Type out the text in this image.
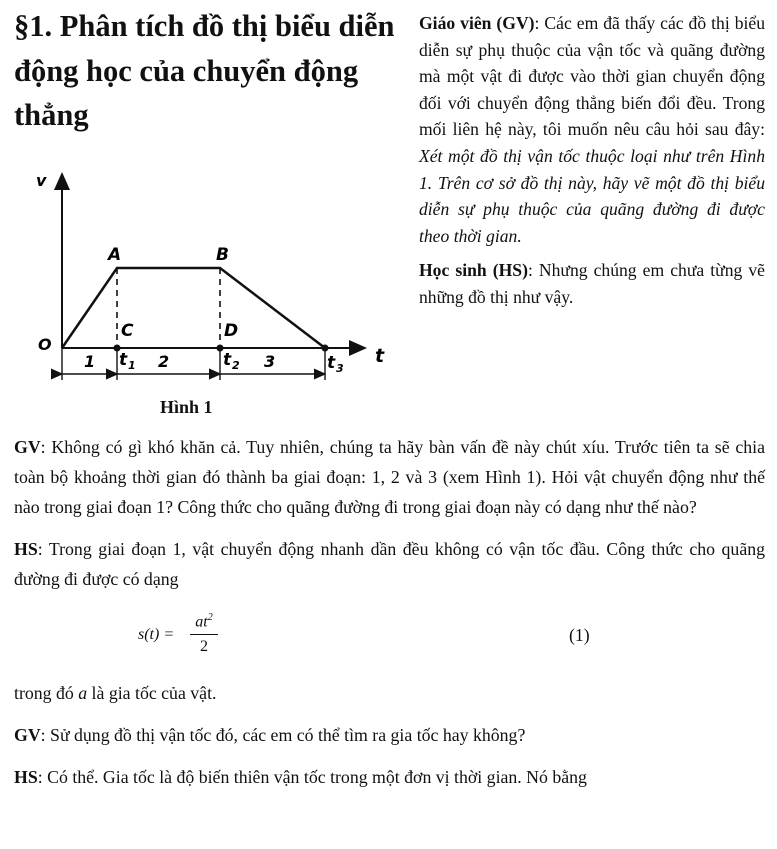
§1. Phân tích đồ thị biểu diễn động học của chuyển động thẳng

Giáo viên (GV): Các em đã thấy các đồ thị biểu diễn sự phụ thuộc của vận tốc và quãng đường mà một vật đi được vào thời gian chuyển động đối với chuyển động thẳng biến đổi đều. Trong mối liên hệ này, tôi muốn nêu câu hỏi sau đây: Xét một đồ thị vận tốc thuộc loại như trên Hình 1. Trên cơ sở đồ thị này, hãy vẽ một đồ thị biểu diễn sự phụ thuộc của quãng đường đi được theo thời gian.

Học sinh (HS): Nhưng chúng em chưa từng vẽ những đồ thị như vậy.

v
t
O
A	B
C	D
1	2	3
t 1	t 2	t 3
Hình 1

GV: Không có gì khó khăn cả. Tuy nhiên, chúng ta hãy bàn vấn đề này chút xíu. Trước tiên ta sẽ chia toàn bộ khoảng thời gian đó thành ba giai đoạn: 1, 2 và 3 (xem Hình 1). Hỏi vật chuyển động như thế nào trong giai đoạn 1? Công thức cho quãng đường đi trong giai đoạn này có dạng như thế nào?

HS: Trong giai đoạn 1, vật chuyển động nhanh dần đều không có vận tốc đầu. Công thức cho quãng đường đi được có dạng

$s(t) = \frac{at^2}{2}$	(1)

trong đó a là gia tốc của vật.

GV: Sử dụng đồ thị vận tốc đó, các em có thể tìm ra gia tốc hay không?

HS: Có thể. Gia tốc là độ biến thiên vận tốc trong một đơn vị thời gian. Nó bằng
